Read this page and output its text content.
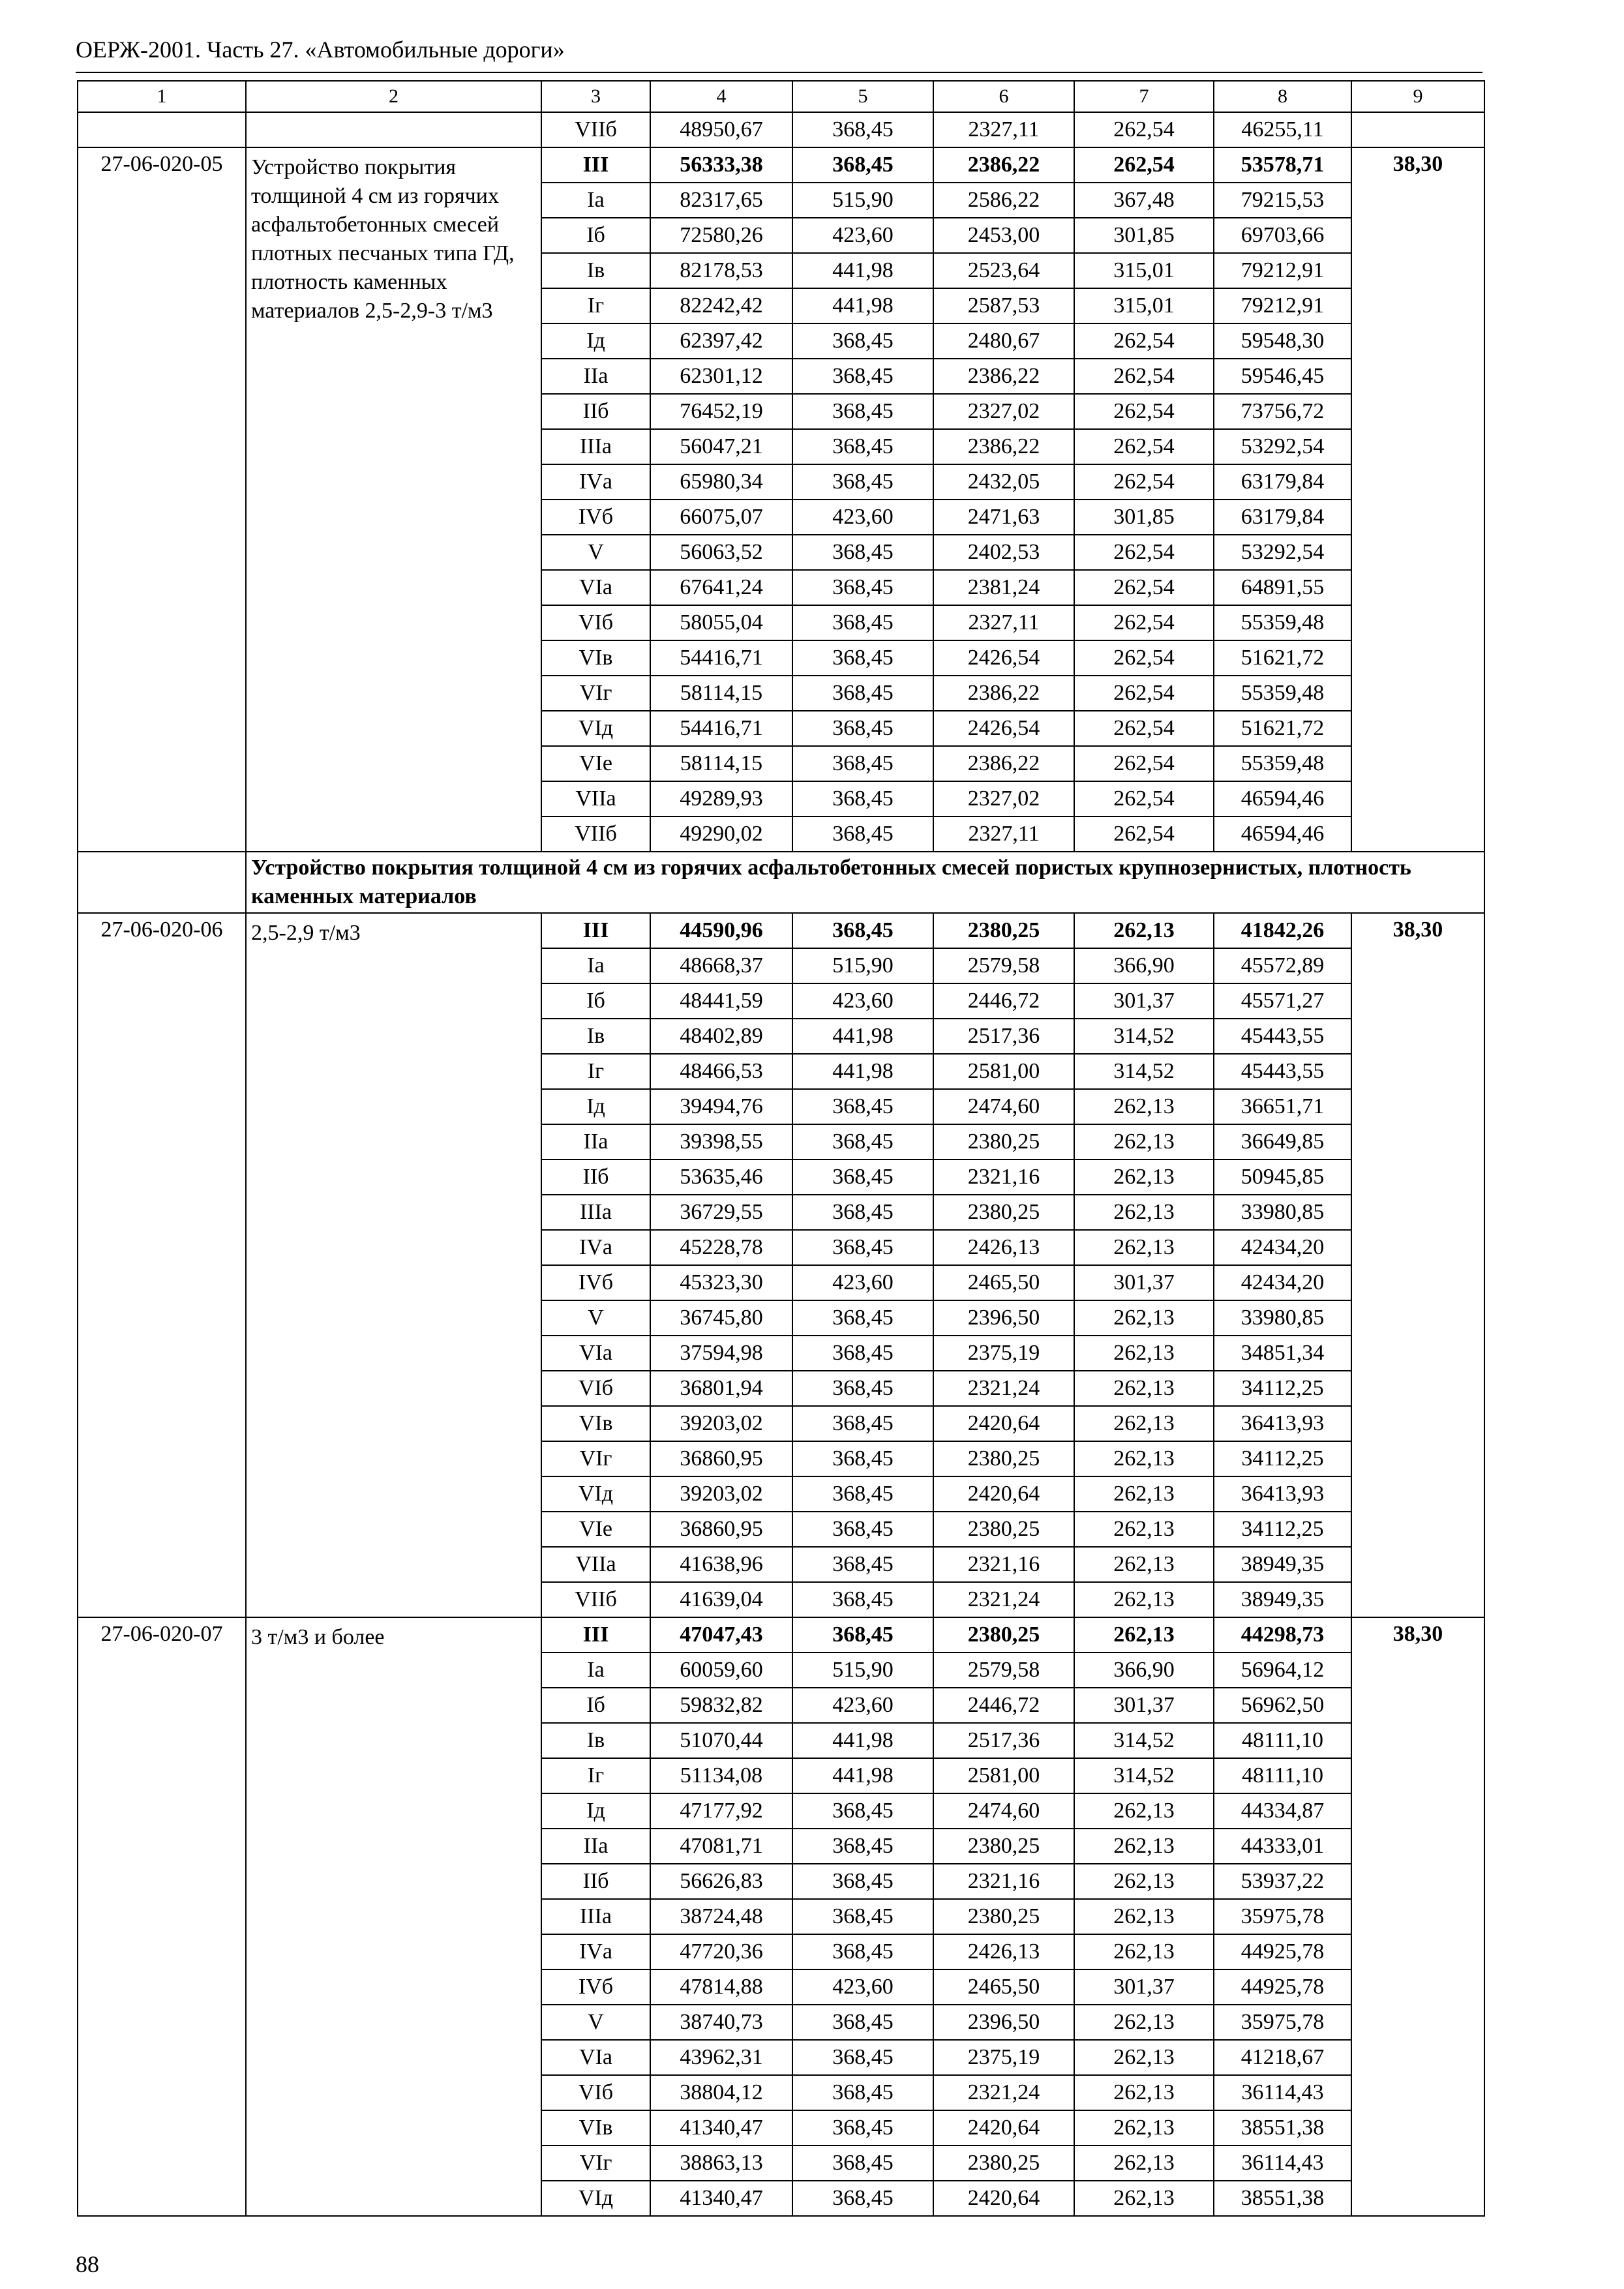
ОЕРЖ-2001. Часть 27. «Автомобильные дороги»
1	2	3	4	5	6	7	8	9
		VIIб	48950,67	368,45	2327,11	262,54	46255,11	
27-06-020-05	Устройство покрытия толщиной 4 см из горячих асфальтобетонных смесей плотных песчаных типа ГД, плотность каменных материалов 2,5-2,9-3 т/м3	III	56333,38	368,45	2386,22	262,54	53578,71	38,30
		Iа	82317,65	515,90	2586,22	367,48	79215,53	
		Iб	72580,26	423,60	2453,00	301,85	69703,66	
		Iв	82178,53	441,98	2523,64	315,01	79212,91	
		Iг	82242,42	441,98	2587,53	315,01	79212,91	
		Iд	62397,42	368,45	2480,67	262,54	59548,30	
		IIа	62301,12	368,45	2386,22	262,54	59546,45	
		IIб	76452,19	368,45	2327,02	262,54	73756,72	
		IIIа	56047,21	368,45	2386,22	262,54	53292,54	
		IVа	65980,34	368,45	2432,05	262,54	63179,84	
		IVб	66075,07	423,60	2471,63	301,85	63179,84	
		V	56063,52	368,45	2402,53	262,54	53292,54	
		VIа	67641,24	368,45	2381,24	262,54	64891,55	
		VIб	58055,04	368,45	2327,11	262,54	55359,48	
		VIв	54416,71	368,45	2426,54	262,54	51621,72	
		VIг	58114,15	368,45	2386,22	262,54	55359,48	
		VIд	54416,71	368,45	2426,54	262,54	51621,72	
		VIе	58114,15	368,45	2386,22	262,54	55359,48	
		VIIа	49289,93	368,45	2327,02	262,54	46594,46	
		VIIб	49290,02	368,45	2327,11	262,54	46594,46	
	Устройство покрытия толщиной 4 см из горячих асфальтобетонных смесей пористых крупнозернистых, плотность каменных материалов							
27-06-020-06	2,5-2,9 т/м3	III	44590,96	368,45	2380,25	262,13	41842,26	38,30
		Iа	48668,37	515,90	2579,58	366,90	45572,89	
		Iб	48441,59	423,60	2446,72	301,37	45571,27	
		Iв	48402,89	441,98	2517,36	314,52	45443,55	
		Iг	48466,53	441,98	2581,00	314,52	45443,55	
		Iд	39494,76	368,45	2474,60	262,13	36651,71	
		IIа	39398,55	368,45	2380,25	262,13	36649,85	
		IIб	53635,46	368,45	2321,16	262,13	50945,85	
		IIIа	36729,55	368,45	2380,25	262,13	33980,85	
		IVа	45228,78	368,45	2426,13	262,13	42434,20	
		IVб	45323,30	423,60	2465,50	301,37	42434,20	
		V	36745,80	368,45	2396,50	262,13	33980,85	
		VIа	37594,98	368,45	2375,19	262,13	34851,34	
		VIб	36801,94	368,45	2321,24	262,13	34112,25	
		VIв	39203,02	368,45	2420,64	262,13	36413,93	
		VIг	36860,95	368,45	2380,25	262,13	34112,25	
		VIд	39203,02	368,45	2420,64	262,13	36413,93	
		VIе	36860,95	368,45	2380,25	262,13	34112,25	
		VIIа	41638,96	368,45	2321,16	262,13	38949,35	
		VIIб	41639,04	368,45	2321,24	262,13	38949,35	
27-06-020-07	3 т/м3 и более	III	47047,43	368,45	2380,25	262,13	44298,73	38,30
		Iа	60059,60	515,90	2579,58	366,90	56964,12	
		Iб	59832,82	423,60	2446,72	301,37	56962,50	
		Iв	51070,44	441,98	2517,36	314,52	48111,10	
		Iг	51134,08	441,98	2581,00	314,52	48111,10	
		Iд	47177,92	368,45	2474,60	262,13	44334,87	
		IIа	47081,71	368,45	2380,25	262,13	44333,01	
		IIб	56626,83	368,45	2321,16	262,13	53937,22	
		IIIа	38724,48	368,45	2380,25	262,13	35975,78	
		IVа	47720,36	368,45	2426,13	262,13	44925,78	
		IVб	47814,88	423,60	2465,50	301,37	44925,78	
		V	38740,73	368,45	2396,50	262,13	35975,78	
		VIа	43962,31	368,45	2375,19	262,13	41218,67	
		VIб	38804,12	368,45	2321,24	262,13	36114,43	
		VIв	41340,47	368,45	2420,64	262,13	38551,38	
		VIг	38863,13	368,45	2380,25	262,13	36114,43	
		VIд	41340,47	368,45	2420,64	262,13	38551,38	
88
